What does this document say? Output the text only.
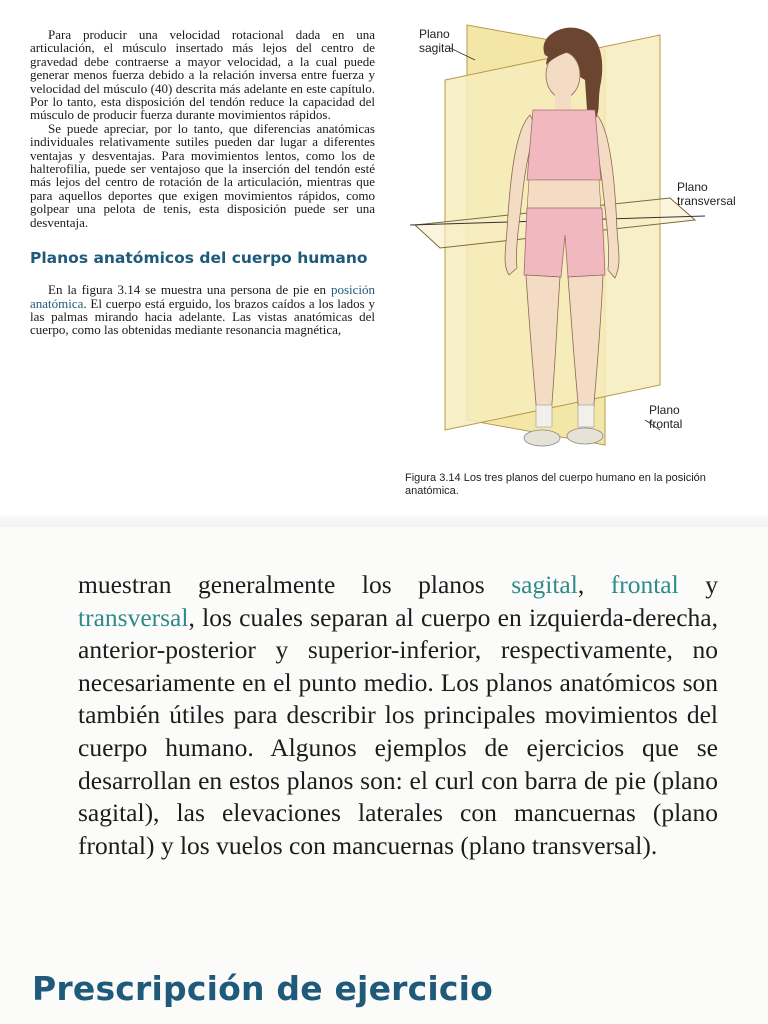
Para producir una velocidad rotacional dada en una articulación, el músculo insertado más lejos del centro de gravedad debe contraerse a mayor velocidad, a la cual puede generar menos fuerza debido a la relación inversa entre fuerza y velocidad del músculo (40) descrita más adelante en este capítulo. Por lo tanto, esta disposición del tendón reduce la capacidad del músculo de producir fuerza durante movimientos rápidos.

Se puede apreciar, por lo tanto, que diferencias anatómicas individuales relativamente sutiles pueden dar lugar a diferentes ventajas y desventajas. Para movimientos lentos, como los de halterofilia, puede ser ventajoso que la inserción del tendón esté más lejos del centro de rotación de la articulación, mientras que para aquellos deportes que exigen movimientos rápidos, como golpear una pelota de tenis, esta disposición puede ser una desventaja.

Planos anatómicos del cuerpo humano

En la figura 3.14 se muestra una persona de pie en posición anatómica. El cuerpo está erguido, los brazos caídos a los lados y las palmas mirando hacia adelante. Las vistas anatómicas del cuerpo, como las obtenidas mediante resonancia magnética,

Plano
sagital
Plano
transversal
Plano
frontal
Figura 3.14 Los tres planos del cuerpo humano en la posición anatómica.

muestran generalmente los planos sagital, frontal y transversal, los cuales separan al cuerpo en izquierda-derecha, anterior-posterior y superior-inferior, respectivamente, no necesariamente en el punto medio. Los planos anatómicos son también útiles para describir los principales movimientos del cuerpo humano. Algunos ejemplos de ejercicios que se desarrollan en estos planos son: el curl con barra de pie (plano sagital), las elevaciones laterales con mancuernas (plano frontal) y los vuelos con mancuernas (plano transversal).

Prescripción de ejercicio
